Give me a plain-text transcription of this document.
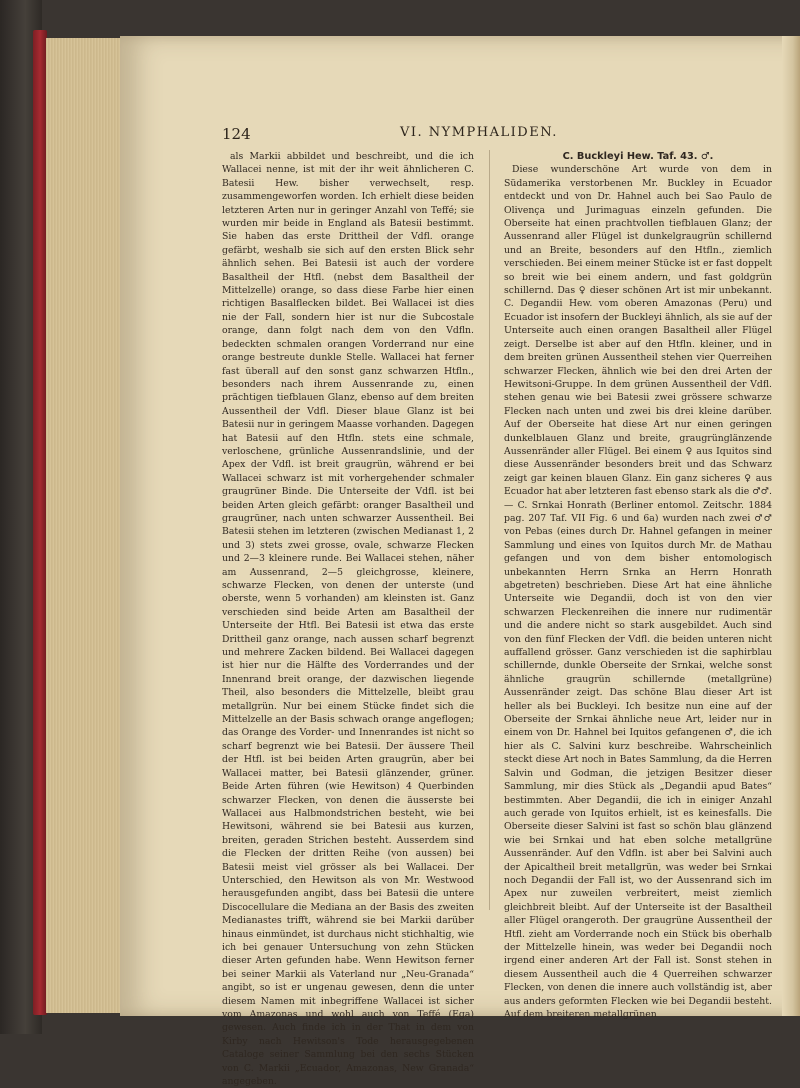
124	VI. NYMPHALIDEN.

als Markii abbildet und beschreibt, und die ich Wallacei nenne, ist mit der ihr weit ähnlicheren C. Batesii Hew. bisher verwechselt, resp. zusammengeworfen worden. Ich erhielt diese beiden letzteren Arten nur in geringer Anzahl von Teffé; sie wurden mir beide in England als Batesii bestimmt. Sie haben das erste Drittheil der Vdfl. orange gefärbt, weshalb sie sich auf den ersten Blick sehr ähnlich sehen. Bei Batesii ist auch der vordere Basaltheil der Htfl. (nebst dem Basaltheil der Mittelzelle) orange, so dass diese Farbe hier einen richtigen Basalflecken bildet. Bei Wallacei ist dies nie der Fall, sondern hier ist nur die Subcostale orange, dann folgt nach dem von den Vdfln. bedeckten schmalen orangen Vorderrand nur eine orange bestreute dunkle Stelle. Wallacei hat ferner fast überall auf den sonst ganz schwarzen Htfln., besonders nach ihrem Aussenrande zu, einen prächtigen tiefblauen Glanz, ebenso auf dem breiten Aussentheil der Vdfl. Dieser blaue Glanz ist bei Batesii nur in geringem Maasse vorhanden. Dagegen hat Batesii auf den Htfln. stets eine schmale, verloschene, grünliche Aussenrandslinie, und der Apex der Vdfl. ist breit graugrün, während er bei Wallacei schwarz ist mit vorhergehender schmaler graugrüner Binde. Die Unterseite der Vdfl. ist bei beiden Arten gleich gefärbt: oranger Basaltheil und graugrüner, nach unten schwarzer Aussentheil. Bei Batesii stehen im letzteren (zwischen Medianast 1, 2 und 3) stets zwei grosse, ovale, schwarze Flecken und 2—3 kleinere runde. Bei Wallacei stehen, näher am Aussenrand, 2—5 gleichgrosse, kleinere, schwarze Flecken, von denen der unterste (und oberste, wenn 5 vorhanden) am kleinsten ist. Ganz verschieden sind beide Arten am Basaltheil der Unterseite der Htfl. Bei Batesii ist etwa das erste Drittheil ganz orange, nach aussen scharf begrenzt und mehrere Zacken bildend. Bei Wallacei dagegen ist hier nur die Hälfte des Vorderrandes und der Innenrand breit orange, der dazwischen liegende Theil, also besonders die Mittelzelle, bleibt grau metallgrün. Nur bei einem Stücke findet sich die Mittelzelle an der Basis schwach orange angeflogen; das Orange des Vorder- und Innenrandes ist nicht so scharf begrenzt wie bei Batesii. Der äussere Theil der Htfl. ist bei beiden Arten graugrün, aber bei Wallacei matter, bei Batesii glänzender, grüner. Beide Arten führen (wie Hewitson) 4 Querbinden schwarzer Flecken, von denen die äusserste bei Wallacei aus Halbmondstrichen besteht, wie bei Hewitsoni, während sie bei Batesii aus kurzen, breiten, geraden Strichen besteht. Ausserdem sind die Flecken der dritten Reihe (von aussen) bei Batesii meist viel grösser als bei Wallacei. Der Unterschied, den Hewitson als von Mr. Westwood herausgefunden angibt, dass bei Batesii die untere Discocellulare die Mediana an der Basis des zweiten Medianastes trifft, während sie bei Markii darüber hinaus einmündet, ist durchaus nicht stichhaltig, wie ich bei genauer Untersuchung von zehn Stücken dieser Arten gefunden habe. Wenn Hewitson ferner bei seiner Markii als Vaterland nur „Neu-Granada“ angibt, so ist er ungenau gewesen, denn die unter diesem Namen mit inbegriffene Wallacei ist sicher vom Amazonas und wohl auch von Teffé (Ega) gewesen. Auch finde ich in der That in dem von Kirby nach Hewitson's Tode herausgegebenen Cataloge seiner Sammlung bei den sechs Stücken von C. Markii „Ecuador, Amazonas, New Granada“ angegeben.

C. Buckleyi Hew. Taf. 43. ♂.

Diese wunderschöne Art wurde von dem in Südamerika verstorbenen Mr. Buckley in Ecuador entdeckt und von Dr. Hahnel auch bei Sao Paulo de Olivença und Jurimaguas einzeln gefunden. Die Oberseite hat einen prachtvollen tiefblauen Glanz; der Aussenrand aller Flügel ist dunkelgraugrün schillernd und an Breite, besonders auf den Htfln., ziemlich verschieden. Bei einem meiner Stücke ist er fast doppelt so breit wie bei einem andern, und fast goldgrün schillernd. Das ♀ dieser schönen Art ist mir unbekannt. C. Degandii Hew. vom oberen Amazonas (Peru) und Ecuador ist insofern der Buckleyi ähnlich, als sie auf der Unterseite auch einen orangen Basaltheil aller Flügel zeigt. Derselbe ist aber auf den Htfln. kleiner, und in dem breiten grünen Aussentheil stehen vier Querreihen schwarzer Flecken, ähnlich wie bei den drei Arten der Hewitsoni-Gruppe. In dem grünen Aussentheil der Vdfl. stehen genau wie bei Batesii zwei grössere schwarze Flecken nach unten und zwei bis drei kleine darüber. Auf der Oberseite hat diese Art nur einen geringen dunkelblauen Glanz und breite, graugrünglänzende Aussenränder aller Flügel. Bei einem ♀ aus Iquitos sind diese Aussenränder besonders breit und das Schwarz zeigt gar keinen blauen Glanz. Ein ganz sicheres ♀ aus Ecuador hat aber letzteren fast ebenso stark als die ♂♂. — C. Srnkai Honrath (Berliner entomol. Zeitschr. 1884 pag. 207 Taf. VII Fig. 6 und 6a) wurden nach zwei ♂♂ von Pebas (eines durch Dr. Hahnel gefangen in meiner Sammlung und eines von Iquitos durch Mr. de Mathau gefangen und von dem bisher entomologisch unbekannten Herrn Srnka an Herrn Honrath abgetreten) beschrieben. Diese Art hat eine ähnliche Unterseite wie Degandii, doch ist von den vier schwarzen Fleckenreihen die innere nur rudimentär und die andere nicht so stark ausgebildet. Auch sind von den fünf Flecken der Vdfl. die beiden unteren nicht auffallend grösser. Ganz verschieden ist die saphirblau schillernde, dunkle Oberseite der Srnkai, welche sonst ähnliche graugrün schillernde (metallgrüne) Aussenränder zeigt. Das schöne Blau dieser Art ist heller als bei Buckleyi. Ich besitze nun eine auf der Oberseite der Srnkai ähnliche neue Art, leider nur in einem von Dr. Hahnel bei Iquitos gefangenen ♂, die ich hier als C. Salvini kurz beschreibe. Wahrscheinlich steckt diese Art noch in Bates Sammlung, da die Herren Salvin und Godman, die jetzigen Besitzer dieser Sammlung, mir dies Stück als „Degandii apud Bates“ bestimmten. Aber Degandii, die ich in einiger Anzahl auch gerade von Iquitos erhielt, ist es keinesfalls. Die Oberseite dieser Salvini ist fast so schön blau glänzend wie bei Srnkai und hat eben solche metallgrüne Aussenränder. Auf den Vdfln. ist aber bei Salvini auch der Apicaltheil breit metallgrün, was weder bei Srnkai noch Degandii der Fall ist, wo der Aussenrand sich im Apex nur zuweilen verbreitert, meist ziemlich gleichbreit bleibt. Auf der Unterseite ist der Basaltheil aller Flügel orangeroth. Der graugrüne Aussentheil der Htfl. zieht am Vorderrande noch ein Stück bis oberhalb der Mittelzelle hinein, was weder bei Degandii noch irgend einer anderen Art der Fall ist. Sonst stehen in diesem Aussentheil auch die 4 Querreihen schwarzer Flecken, von denen die innere auch vollständig ist, aber aus anders geformten Flecken wie bei Degandii besteht. Auf dem breiteren metallgrünen
